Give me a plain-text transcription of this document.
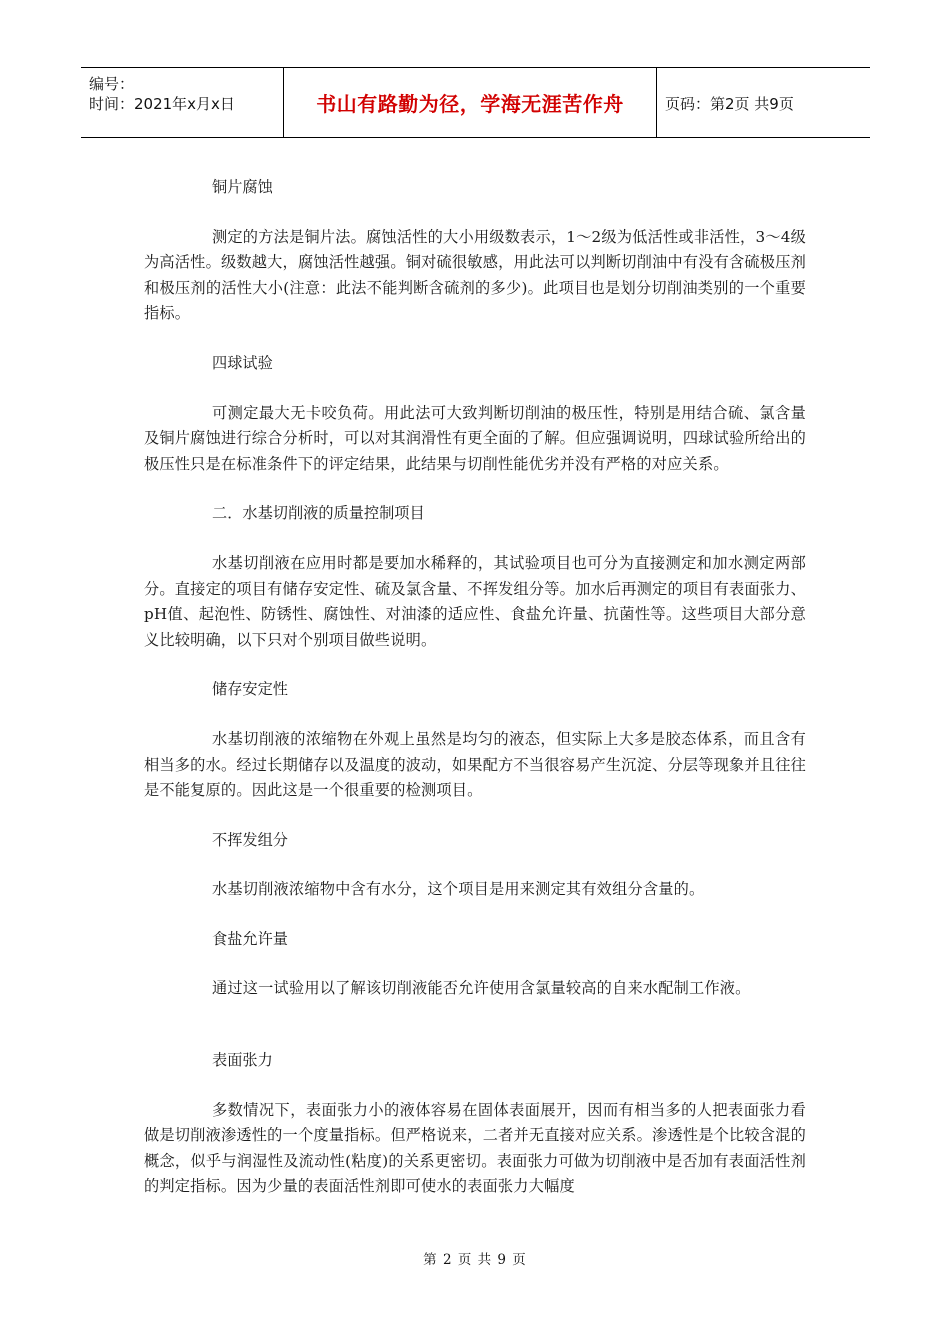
编号：
时间：2021年x月x日	书山有路勤为径，学海无涯苦作舟	页码：第2页 共9页
铜片腐蚀

测定的方法是铜片法。腐蚀活性的大小用级数表示，1～2级为低活性或非活性，3～4级为高活性。级数越大，腐蚀活性越强。铜对硫很敏感，用此法可以判断切削油中有没有含硫极压剂和极压剂的活性大小(注意：此法不能判断含硫剂的多少)。此项目也是划分切削油类别的一个重要指标。

四球试验

可测定最大无卡咬负荷。用此法可大致判断切削油的极压性，特别是用结合硫、氯含量及铜片腐蚀进行综合分析时，可以对其润滑性有更全面的了解。但应强调说明，四球试验所给出的极压性只是在标准条件下的评定结果，此结果与切削性能优劣并没有严格的对应关系。

二．水基切削液的质量控制项目

水基切削液在应用时都是要加水稀释的，其试验项目也可分为直接测定和加水测定两部分。直接定的项目有储存安定性、硫及氯含量、不挥发组分等。加水后再测定的项目有表面张力、pH值、起泡性、防锈性、腐蚀性、对油漆的适应性、食盐允许量、抗菌性等。这些项目大部分意义比较明确，以下只对个别项目做些说明。

储存安定性

水基切削液的浓缩物在外观上虽然是均匀的液态，但实际上大多是胶态体系，而且含有相当多的水。经过长期储存以及温度的波动，如果配方不当很容易产生沉淀、分层等现象并且往往是不能复原的。因此这是一个很重要的检测项目。

不挥发组分

水基切削液浓缩物中含有水分，这个项目是用来测定其有效组分含量的。

食盐允许量

通过这一试验用以了解该切削液能否允许使用含氯量较高的自来水配制工作液。

表面张力

多数情况下，表面张力小的液体容易在固体表面展开，因而有相当多的人把表面张力看做是切削液渗透性的一个度量指标。但严格说来，二者并无直接对应关系。渗透性是个比较含混的概念，似乎与润湿性及流动性(粘度)的关系更密切。表面张力可做为切削液中是否加有表面活性剂的判定指标。因为少量的表面活性剂即可使水的表面张力大幅度

第 2 页 共 9 页
